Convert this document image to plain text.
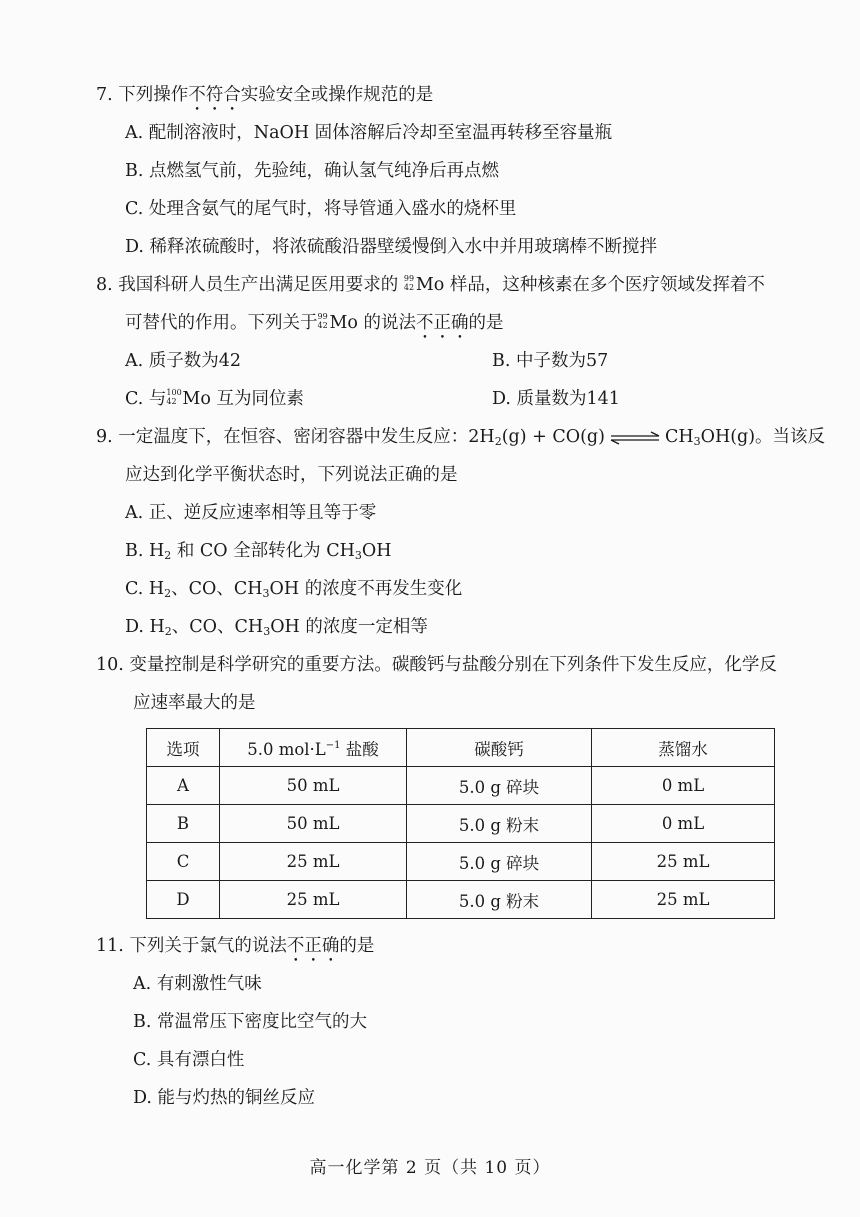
7. 下列操作不符合实验安全或操作规范的是
A. 配制溶液时，NaOH 固体溶解后冷却至室温再转移至容量瓶
B. 点燃氢气前，先验纯，确认氢气纯净后再点燃
C. 处理含氨气的尾气时，将导管通入盛水的烧杯里
D. 稀释浓硫酸时，将浓硫酸沿器壁缓慢倒入水中并用玻璃棒不断搅拌
8. 我国科研人员生产出满足医用要求的 99
42 Mo 样品，这种核素在多个医疗领域发挥着不
可替代的作用。下列关于 99
42 Mo 的说法不正确的是
A. 质子数为42	B. 中子数为57
C. 与 100
42 Mo 互为同位素	D. 质量数为141
9. 一定温度下，在恒容、密闭容器中发生反应：$2H_2(g) + CO(g)$ ⇌ $CH_3OH(g)$。当该反
应达到化学平衡状态时，下列说法正确的是
A. 正、逆反应速率相等且等于零
B. $H_2$ 和 CO 全部转化为 $CH_3OH$
C. $H_2$、CO、$CH_3OH$ 的浓度不再发生变化
D. $H_2$、CO、$CH_3OH$ 的浓度一定相等
10. 变量控制是科学研究的重要方法。碳酸钙与盐酸分别在下列条件下发生反应，化学反
应速率最大的是
选项	5.0 $mol\cdot L^{-1}$ 盐酸	碳酸钙	蒸馏水
A	50 mL	5.0 g 碎块	0 mL
B	50 mL	5.0 g 粉末	0 mL
C	25 mL	5.0 g 碎块	25 mL
D	25 mL	5.0 g 粉末	25 mL
11. 下列关于氯气的说法不正确的是
A. 有刺激性气味
B. 常温常压下密度比空气的大
C. 具有漂白性
D. 能与灼热的铜丝反应
高一化学第 2 页（共 10 页）
